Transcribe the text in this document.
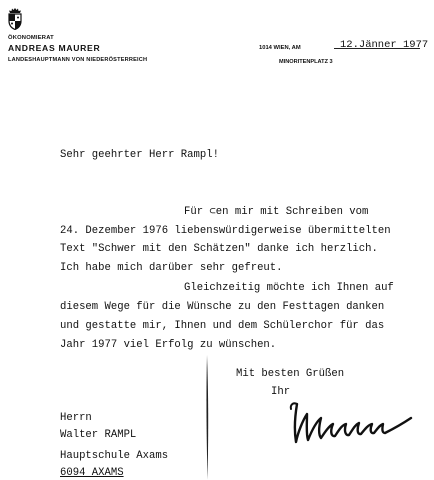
ÖKONOMIERAT
ANDREAS MAURER
LANDESHAUPTMANN VON NIEDERÖSTERREICH
1014 WIEN, AM	12.Jänner 1977
MINORITENPLATZ 3
Sehr geehrter Herr Rampl!
Für ⊂en mir mit Schreiben vom
24. Dezember 1976 liebenswürdigerweise übermittelten
Text "Schwer mit den Schätzen" danke ich herzlich.
Ich habe mich darüber sehr gefreut.
Gleichzeitig möchte ich Ihnen auf
diesem Wege für die Wünsche zu den Festtagen danken
und gestatte mir, Ihnen und dem Schülerchor für das
Jahr 1977 viel Erfolg zu wünschen.
Mit besten Grüßen
Ihr
Herrn
Walter RAMPL
Hauptschule Axams
6094 AXAMS
